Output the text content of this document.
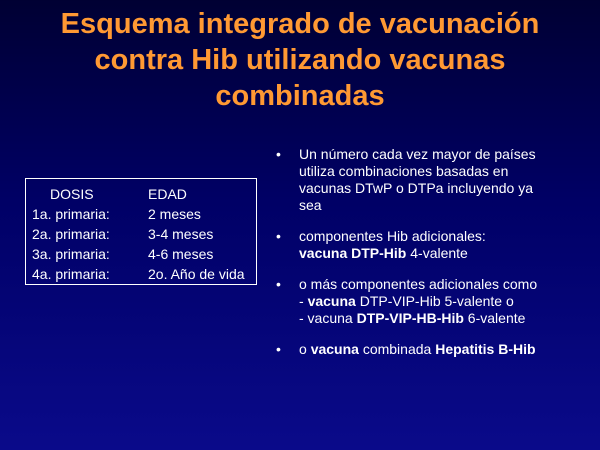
Esquema integrado de vacunación
contra Hib utilizando vacunas
combinadas
DOSIS
1a. primaria:
2a. primaria:
3a. primaria:
4a. primaria:
EDAD
2 meses
3-4 meses
4-6 meses
2o. Año de vida
• Un número cada vez mayor de países
utiliza combinaciones basadas en
vacunas DTwP o DTPa incluyendo ya
sea
• componentes Hib adicionales:
vacuna DTP-Hib 4-valente
• o más componentes adicionales como
- vacuna DTP-VIP-Hib 5-valente o
- vacuna DTP-VIP-HB-Hib 6-valente
• o vacuna combinada Hepatitis B-Hib
